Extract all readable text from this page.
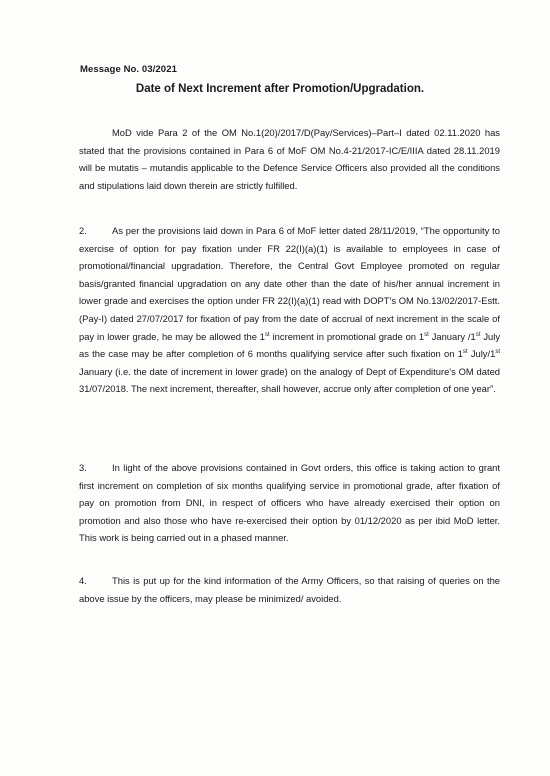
Message No. 03/2021
Date of Next Increment after Promotion/Upgradation.
MoD vide Para 2 of the OM No.1(20)/2017/D(Pay/Services)–Part–I dated 02.11.2020 has stated that the provisions contained in Para 6 of MoF OM No.4-21/2017-IC/E/IIIA dated 28.11.2019 will be mutatis – mutandis applicable to the Defence Service Officers also provided all the conditions and stipulations laid down therein are strictly fulfilled.
2.	As per the provisions laid down in Para 6 of MoF letter dated 28/11/2019, “The opportunity to exercise of option for pay fixation under FR 22(I)(a)(1) is available to employees in case of promotional/financial upgradation. Therefore, the Central Govt Employee promoted on regular basis/granted financial upgradation on any date other than the date of his/her annual increment in lower grade and exercises the option under FR 22(I)(a)(1) read with DOPT's OM No.13/02/2017-Estt.(Pay-I) dated 27/07/2017 for fixation of pay from the date of accrual of next increment in the scale of pay in lower grade, he may be allowed the 1st increment in promotional grade on 1st January /1st July as the case may be after completion of 6 months qualifying service after such fixation on 1st July/1st January (i.e. the date of increment in lower grade) on the analogy of Dept of Expenditure's OM dated 31/07/2018. The next increment, thereafter, shall however, accrue only after completion of one year”.
3.	In light of the above provisions contained in Govt orders, this office is taking action to grant first increment on completion of six months qualifying service in promotional grade, after fixation of pay on promotion from DNI, in respect of officers who have already exercised their option on promotion and also those who have re-exercised their option by 01/12/2020 as per ibid MoD letter. This work is being carried out in a phased manner.
4.	This is put up for the kind information of the Army Officers, so that raising of queries on the above issue by the officers, may please be minimized/ avoided.
